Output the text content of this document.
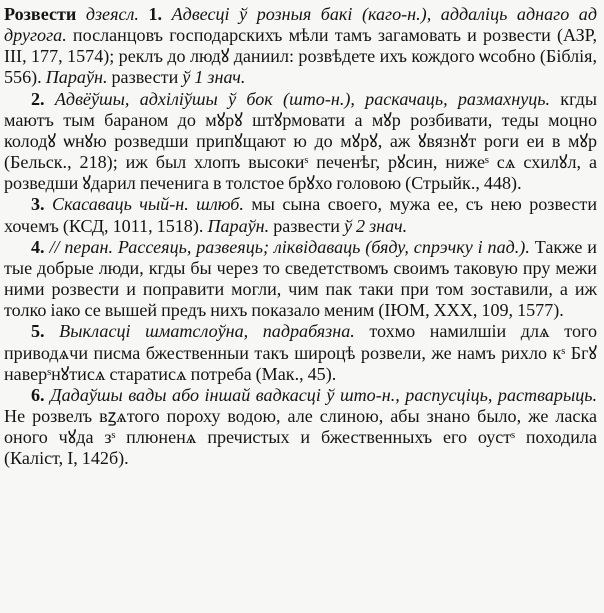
Розвести дзеясл. 1. Адвесці ў розныя бакі (каго-н.), аддаліць аднаго ад другога. посланцовъ господарскихъ мѣли тамъ загамовать и розвести (АЗР, III, 177, 1574); реклъ до людꙋ даниил: розвѣдете ихъ кождого ѡсобно (Біблія, 556). Параўн. развести ў 1 знач.

2. Адвёўшы, адхіліўшы ў бок (што-н.), раскачаць, размахнуць. кгды маютъ тым бараном до мꙋрꙋ штꙋрмовати а мꙋр розбивати, теды моцно колодꙋ ѡнꙋю розведши припꙋщают ю до мꙋрꙋ, аж ꙋвязнꙋт роги еи в мꙋр (Бельск., 218); иж был хлопъ высокиˢ печенѣг, рꙋсин, нижеˢ сѧ схилꙋл, а розведши ꙋдарил печенига в толстое брꙋхо головою (Стрыйк., 448).

3. Скасаваць чый-н. шлюб. мы сына своего, мужа ее, съ нею розвести хочемъ (КСД, 1011, 1518). Параўн. развести ў 2 знач.

4. // перан. Рассеяць, развеяць; ліквідаваць (бяду, спрэчку і пад.). Также и тые добрые люди, кгды бы через то сведетствомъ своимъ таковую пру межи ними розвести и поправити могли, чим пак таки при том зоставили, а иж толко іако се вышей предъ нихъ показало меним (ІЮМ, XXX, 109, 1577).

5. Выкласці шматслоўна, падрабязна. тохмо намилшіи длѧ того приводѧчи писма бжественныи такъ широцѣ розвели, же намъ рихло кˢ Бгꙋ наверˢнꙋтисѧ старатисѧ потреба (Мак., 45).

6. Дадаўшы вады або іншай вадкасці ў што-н., распусціць, растварыць. Не розвелъ вꙁѧтого пороху водою, але слиною, абы знано было, же ласка оного чꙋда зˢ плюненѧ пречистых и бжественныхъ его оустˢ походила (Каліст, І, 142б).
